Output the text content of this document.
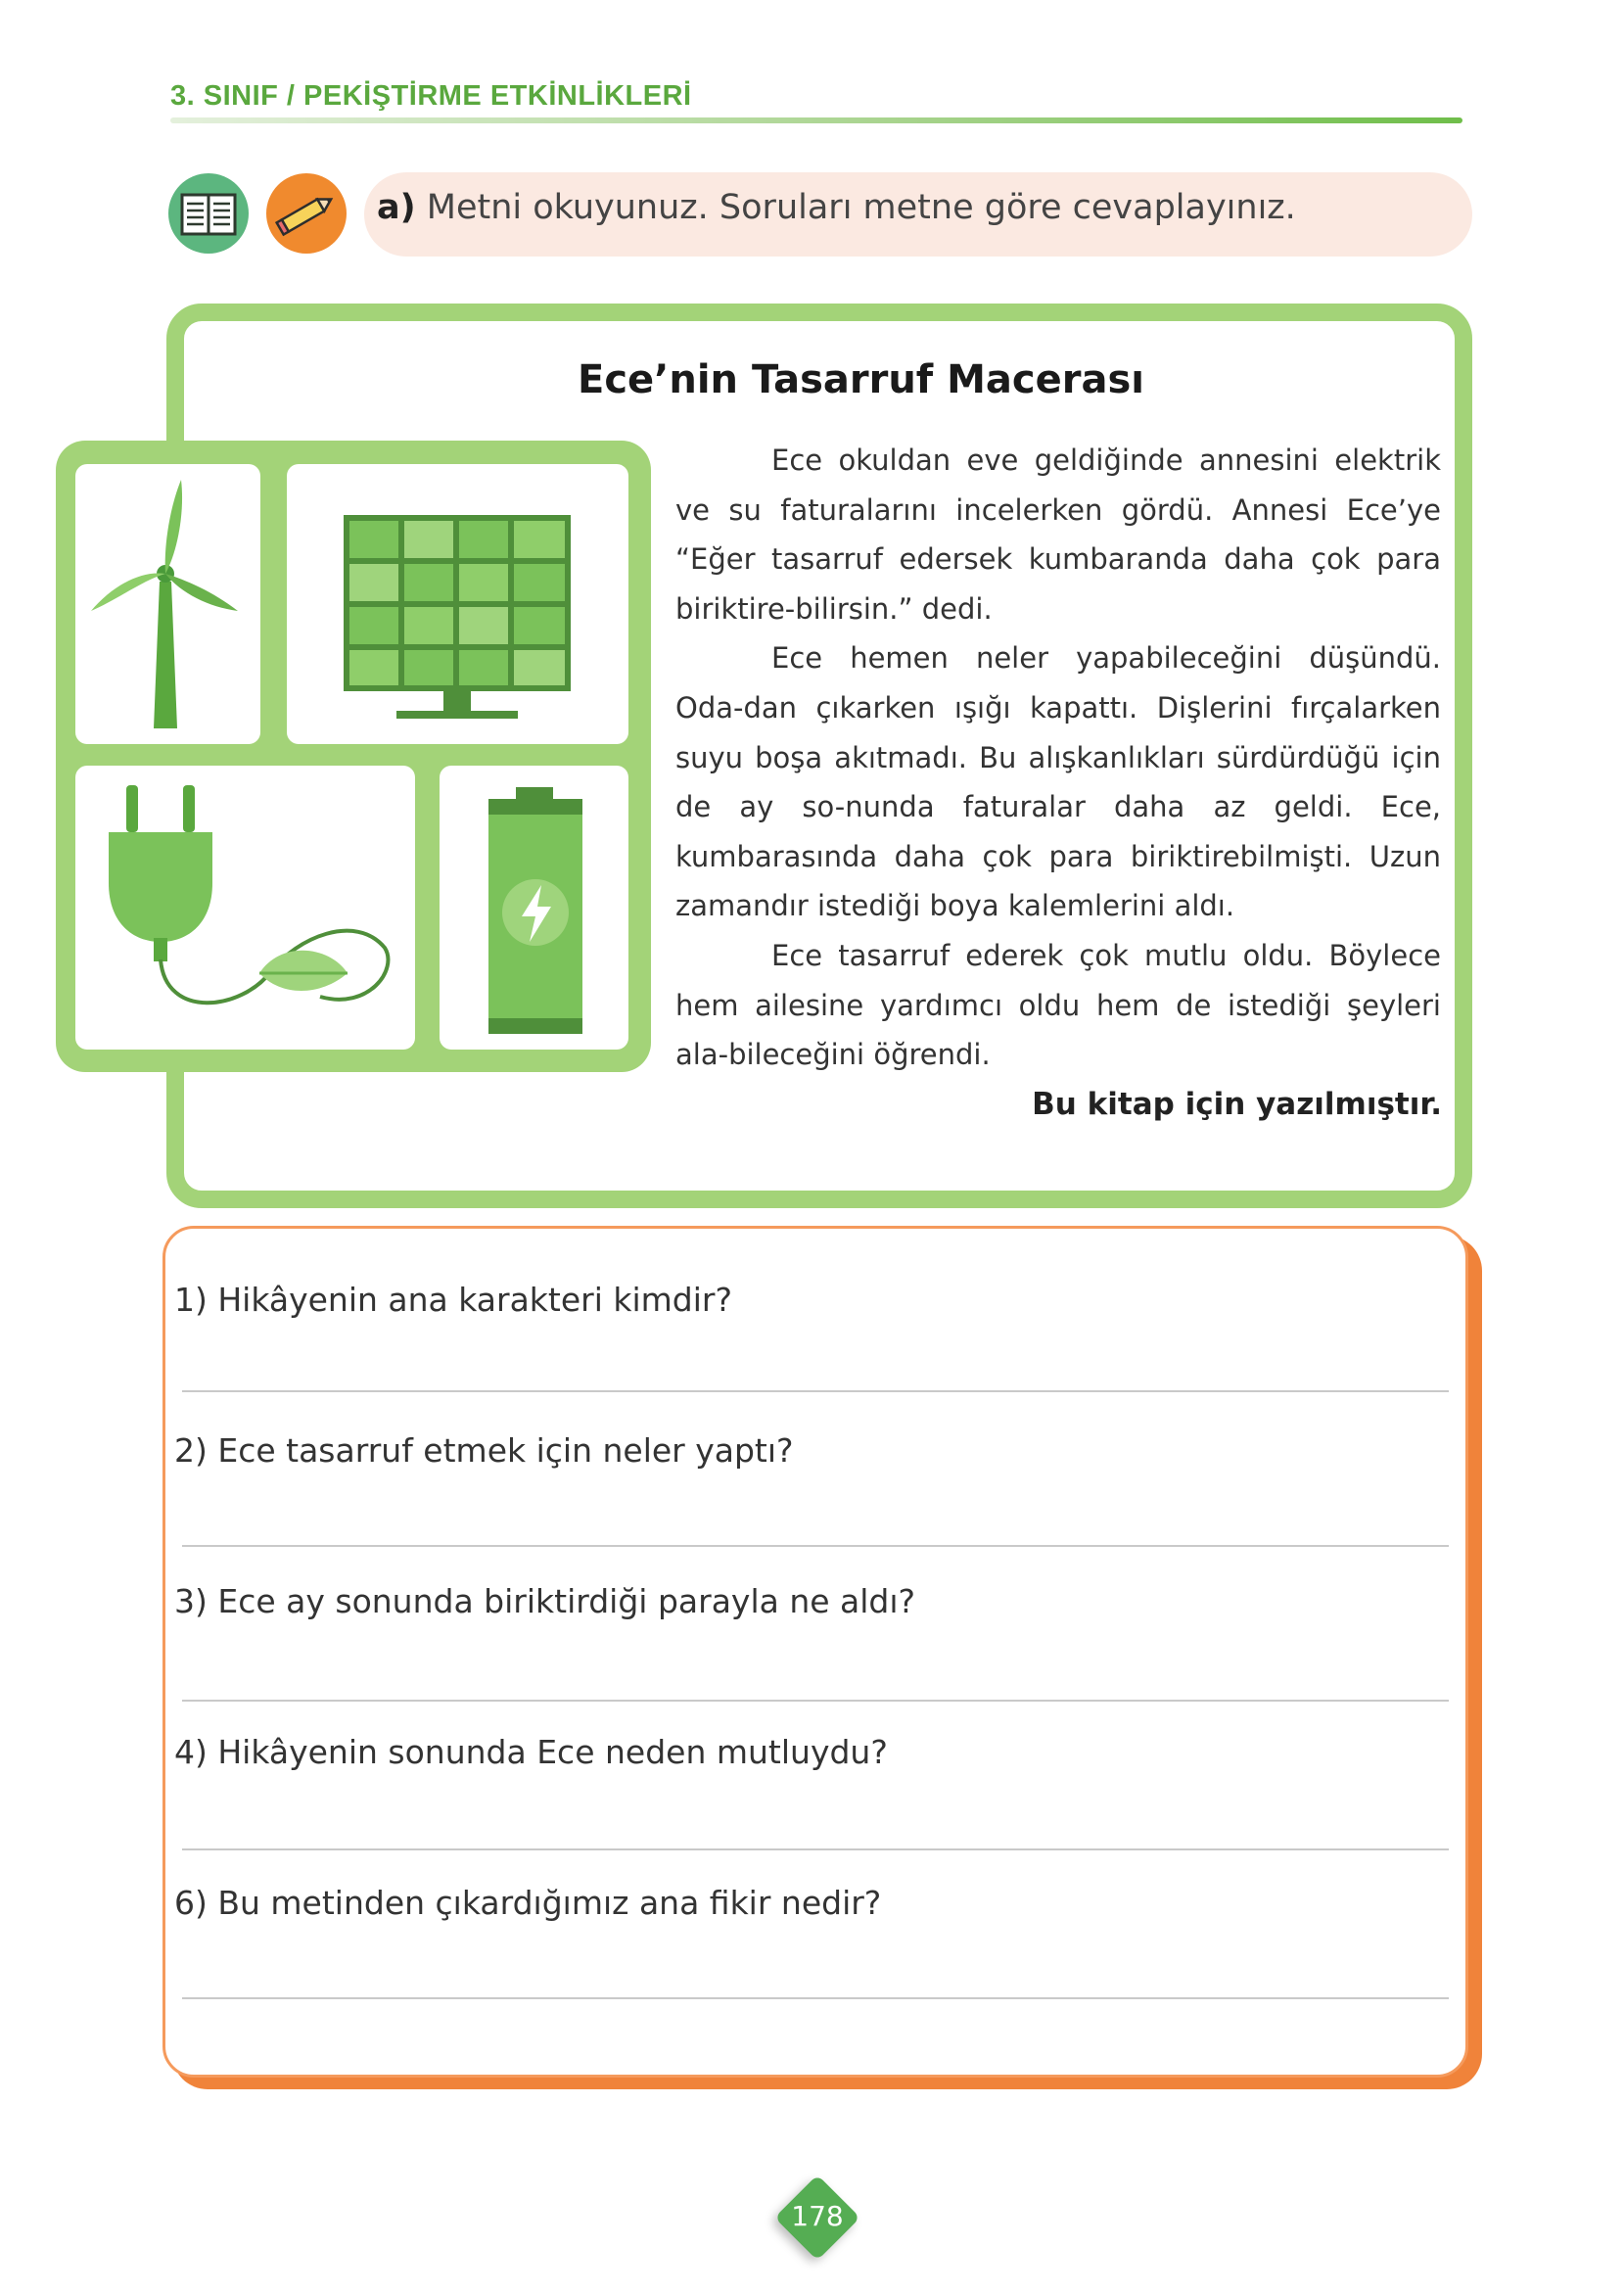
3. SINIF / PEKİŞTİRME ETKİNLİKLERİ
a) Metni okuyunuz. Soruları metne göre cevaplayınız.
Ece’nin Tasarruf Macerası

Ece okuldan eve geldiğinde annesini elektrik ve su faturalarını incelerken gördü. Annesi Ece’ye “Eğer tasarruf edersek kumbaranda daha çok para biriktire-bilirsin.” dedi.

Ece hemen neler yapabileceğini düşündü. Oda-dan çıkarken ışığı kapattı. Dişlerini fırçalarken suyu boşa akıtmadı. Bu alışkanlıkları sürdürdüğü için de ay so-nunda faturalar daha az geldi. Ece, kumbarasında daha çok para biriktirebilmişti. Uzun zamandır istediği boya kalemlerini aldı.

Ece tasarruf ederek çok mutlu oldu. Böylece hem ailesine yardımcı oldu hem de istediği şeyleri ala-bileceğini öğrendi.

Bu kitap için yazılmıştır.
1) Hikâyenin ana karakteri kimdir?
2) Ece tasarruf etmek için neler yaptı?
3) Ece ay sonunda biriktirdiği parayla ne aldı?
4) Hikâyenin sonunda Ece neden mutluydu?
6) Bu metinden çıkardığımız ana fikir nedir?
178
